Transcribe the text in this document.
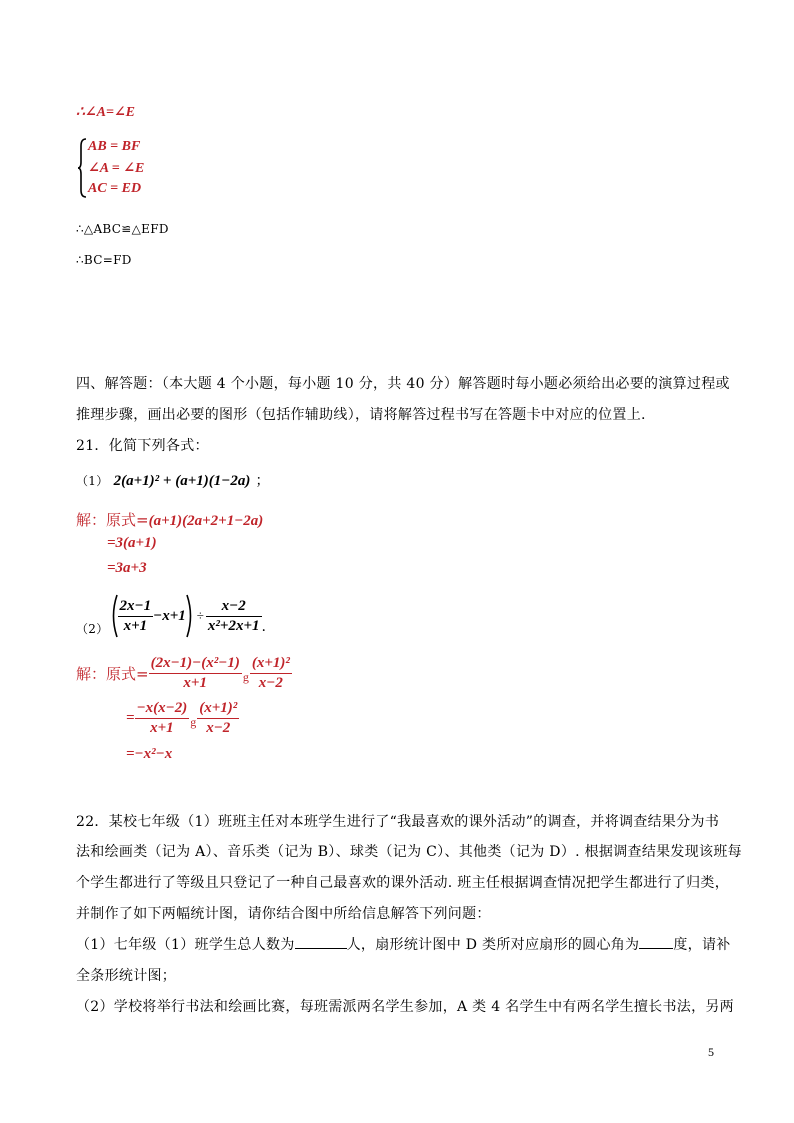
∴∠A=∠E
AB = BF
∠A = ∠E
AC = ED
∴△ABC≌△EFD
∴BC=FD
四、解答题：（本大题 4 个小题，每小题 10 分，共 40 分）解答题时每小题必须给出必要的演算过程或
推理步骤，画出必要的图形（包括作辅助线），请将解答过程书写在答题卡中对应的位置上.
21．化简下列各式：
（1） 2(a+1)² + (a+1)(1−2a) ；
解：原式=(a+1)(2a+2+1−2a)
=3(a+1)
=3a+3
$(2) \frac{2x-1}{x+1} -x+1 \div \frac{x-2}{\text{x²+2x+1}}$ .
解：原式= $\frac{\text{(2x−1)−(x²−1)}}{x+1}$ g $\frac{\text{(x+1)²}}{x-2}$
= $\frac{-x(x-2)}{x+1}$ g $\frac{\text{(x+1)²}}{x-2}$
=−x²−x
22．某校七年级（1）班班主任对本班学生进行了“我最喜欢的课外活动”的调查，并将调查结果分为书
法和绘画类（记为 A）、音乐类（记为 B）、球类（记为 C）、其他类（记为 D）. 根据调查结果发现该班每
个学生都进行了等级且只登记了一种自己最喜欢的课外活动. 班主任根据调查情况把学生都进行了归类，
并制作了如下两幅统计图，请你结合图中所给信息解答下列问题：
（1）七年级（1）班学生总人数为	人，扇形统计图中 D 类所对应扇形的圆心角为 度，请补
全条形统计图；
（2）学校将举行书法和绘画比赛，每班需派两名学生参加，A 类 4 名学生中有两名学生擅长书法，另两
5
